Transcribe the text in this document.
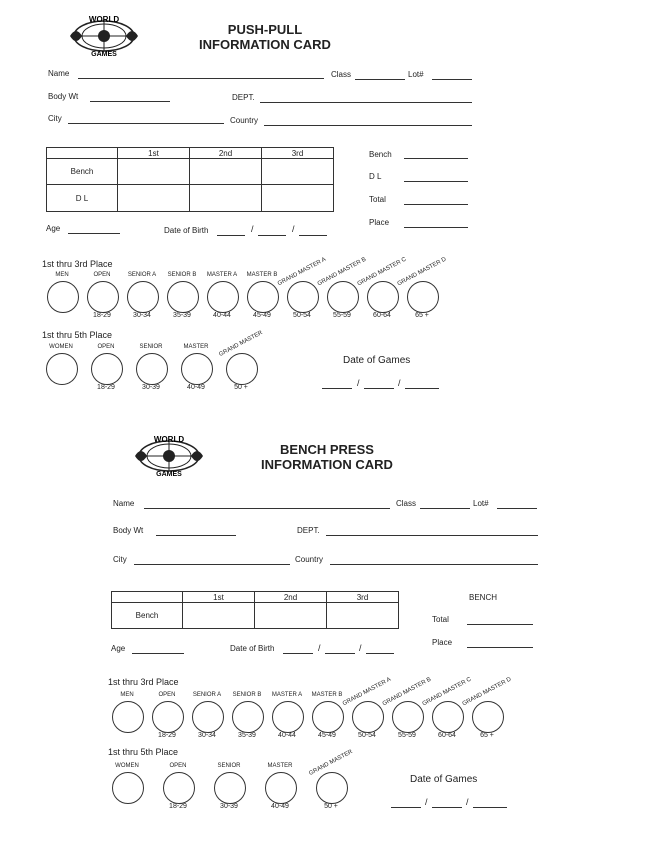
WORLD
GAMES
PUSH-PULL
INFORMATION CARD
Name	Class	Lot#
Body Wt	DEPT.
City	Country
	1st	2nd	3rd
Bench			
D L			
Bench
D L
Total
Place
Age	Date of Birth	/	/
1st thru 3rd Place
MEN	OPEN
18-29
SENIOR A
30-34
SENIOR B
35-39
MASTER A
40-44
MASTER B
45-49
GRAND MASTER A
50-54
GRAND MASTER B
55-59
GRAND MASTER C
60-64
GRAND MASTER D
65 +
1st thru 5th Place
WOMEN	OPEN
18-29
SENIOR
30-39
MASTER
40-49
GRAND MASTER
50 +
Date of Games
/	/
WORLD
GAMES
BENCH PRESS
INFORMATION CARD
Name	Class	Lot#
Body Wt	DEPT.
City	Country
	1st	2nd	3rd
Bench			
BENCH
Total
Place
Age	Date of Birth	/	/
1st thru 3rd Place
MEN	OPEN
18-29
SENIOR A
30-34
SENIOR B
35-39
MASTER A
40-44
MASTER B
45-49
GRAND MASTER A
50-54
GRAND MASTER B
55-59
GRAND MASTER C
60-64
GRAND MASTER D
65 +
1st thru 5th Place
WOMEN	OPEN
18-29
SENIOR
30-39
MASTER
40-49
GRAND MASTER
50 +
Date of Games
/	/
